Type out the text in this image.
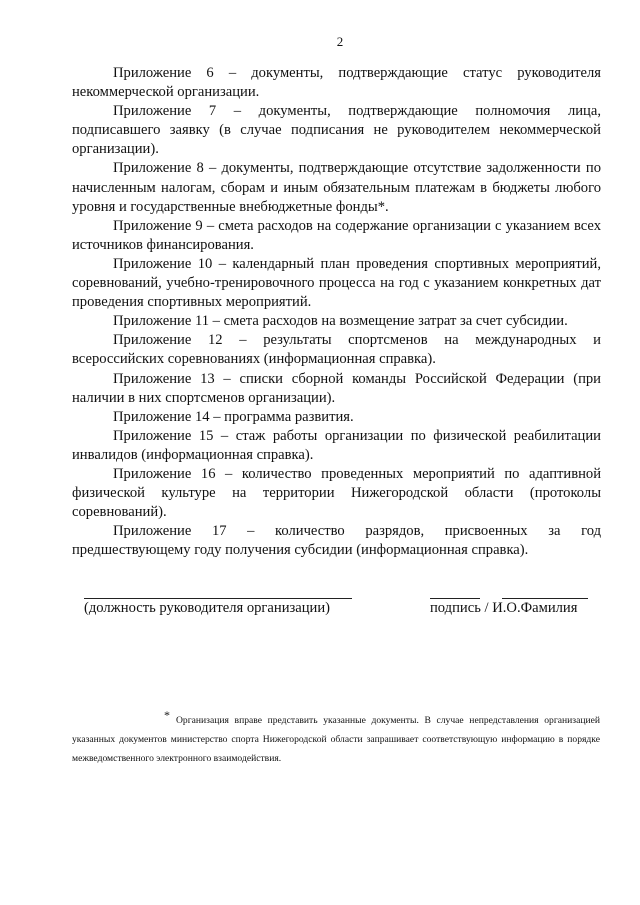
2

Приложение 6 – документы, подтверждающие статус руководителя некоммерческой организации.

Приложение 7 – документы, подтверждающие полномочия лица, подписавшего заявку (в случае подписания не руководителем некоммерческой организации).

Приложение 8 – документы, подтверждающие отсутствие задолженности по начисленным налогам, сборам и иным обязательным платежам в бюджеты любого уровня и государственные внебюджетные фонды*.

Приложение 9 – смета расходов на содержание организации с указанием всех источников финансирования.

Приложение 10 – календарный план проведения спортивных мероприятий, соревнований, учебно-тренировочного процесса на год с указанием конкретных дат проведения спортивных мероприятий.

Приложение 11 – смета расходов на возмещение затрат за счет субсидии.

Приложение 12 – результаты спортсменов на международных и всероссийских соревнованиях (информационная справка).

Приложение 13 – списки сборной команды Российской Федерации (при наличии в них спортсменов организации).

Приложение 14 – программа развития.

Приложение 15 – стаж работы организации по физической реабилитации инвалидов (информационная справка).

Приложение 16 – количество проведенных мероприятий по адаптивной физической культуре на территории Нижегородской области (протоколы соревнований).

Приложение 17 – количество разрядов, присвоенных за год предшествующему году получения субсидии (информационная справка).

(должность руководителя организации)	подпись / И.О.Фамилия
* Организация вправе представить указанные документы. В случае непредставления организацией указанных документов министерство спорта Нижегородской области запрашивает соответствующую информацию в порядке межведомственного электронного взаимодействия.
